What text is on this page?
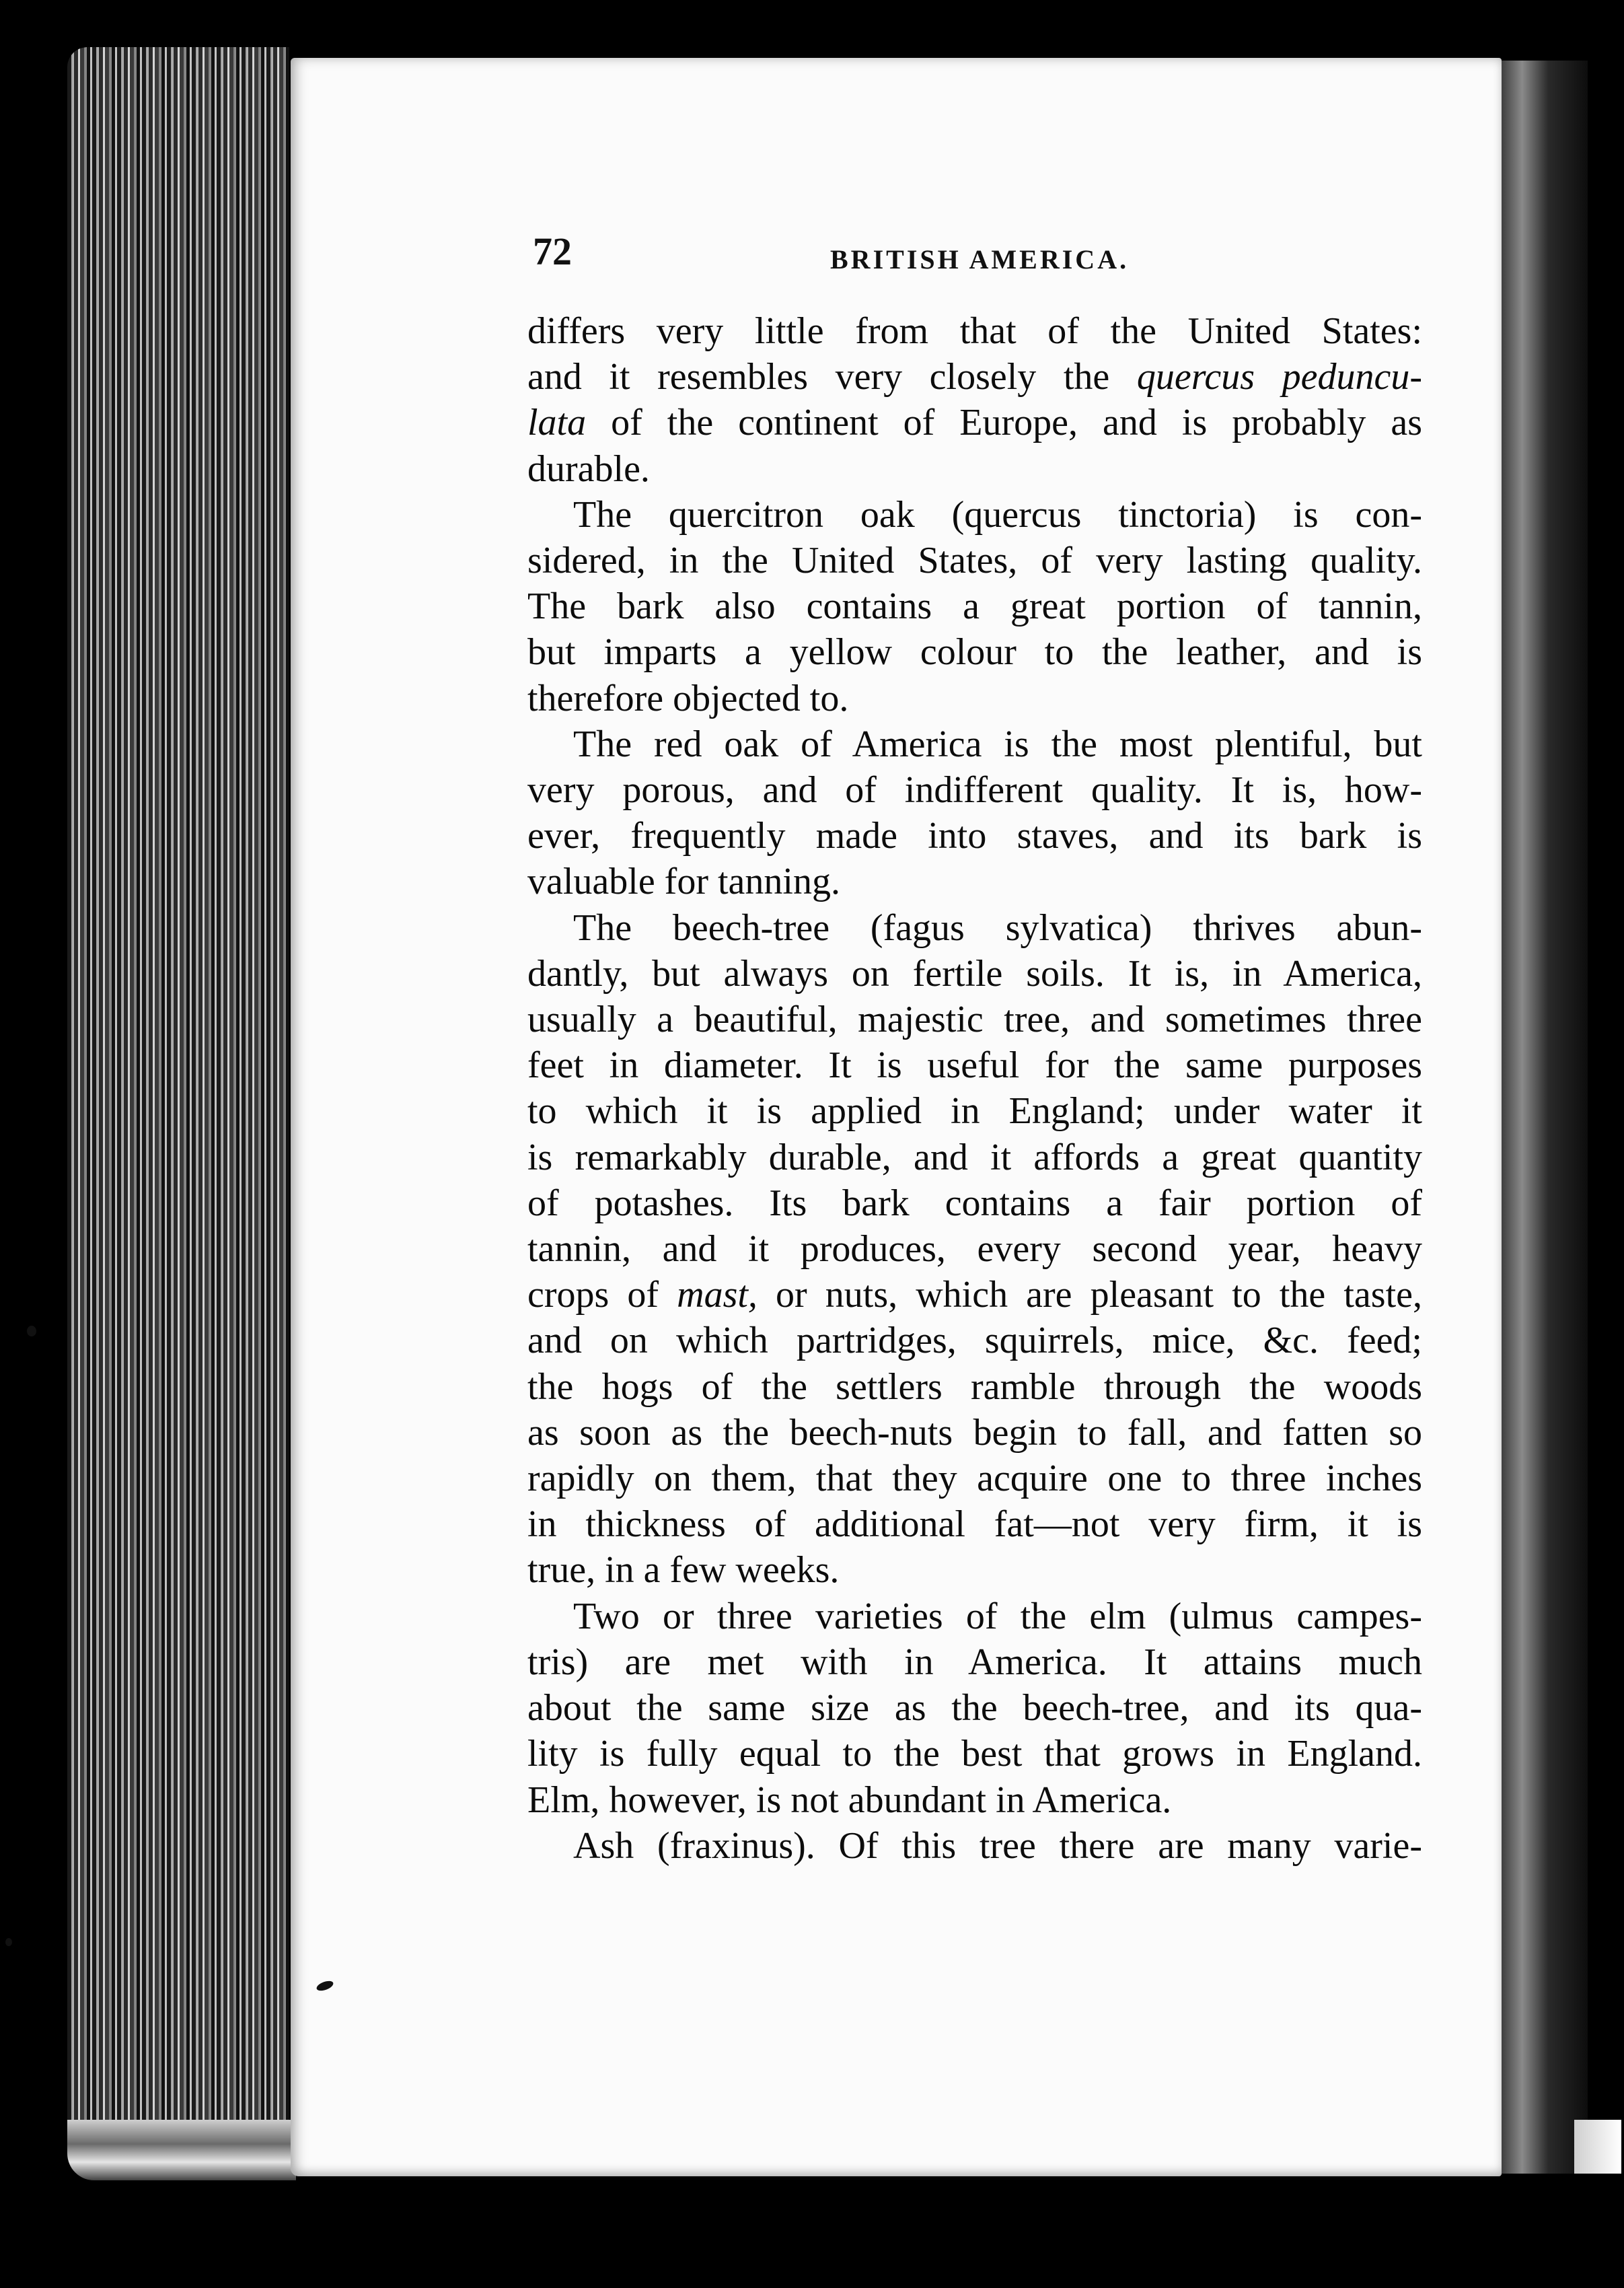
72	BRITISH AMERICA.
differs very little from that of the United States:
and it resembles very closely the quercus peduncu-
lata of the continent of Europe, and is probably as
durable.
The quercitron oak (quercus tinctoria) is con-
sidered, in the United States, of very lasting quality.
The bark also contains a great portion of tannin,
but imparts a yellow colour to the leather, and is
therefore objected to.
The red oak of America is the most plentiful, but
very porous, and of indifferent quality. It is, how-
ever, frequently made into staves, and its bark is
valuable for tanning.
The beech-tree (fagus sylvatica) thrives abun-
dantly, but always on fertile soils. It is, in America,
usually a beautiful, majestic tree, and sometimes three
feet in diameter. It is useful for the same purposes
to which it is applied in England; under water it
is remarkably durable, and it affords a great quantity
of potashes. Its bark contains a fair portion of
tannin, and it produces, every second year, heavy
crops of mast, or nuts, which are pleasant to the taste,
and on which partridges, squirrels, mice, &c. feed;
the hogs of the settlers ramble through the woods
as soon as the beech-nuts begin to fall, and fatten so
rapidly on them, that they acquire one to three inches
in thickness of additional fat—not very firm, it is
true, in a few weeks.
Two or three varieties of the elm (ulmus campes-
tris) are met with in America. It attains much
about the same size as the beech-tree, and its qua-
lity is fully equal to the best that grows in England.
Elm, however, is not abundant in America.
Ash (fraxinus). Of this tree there are many varie-
